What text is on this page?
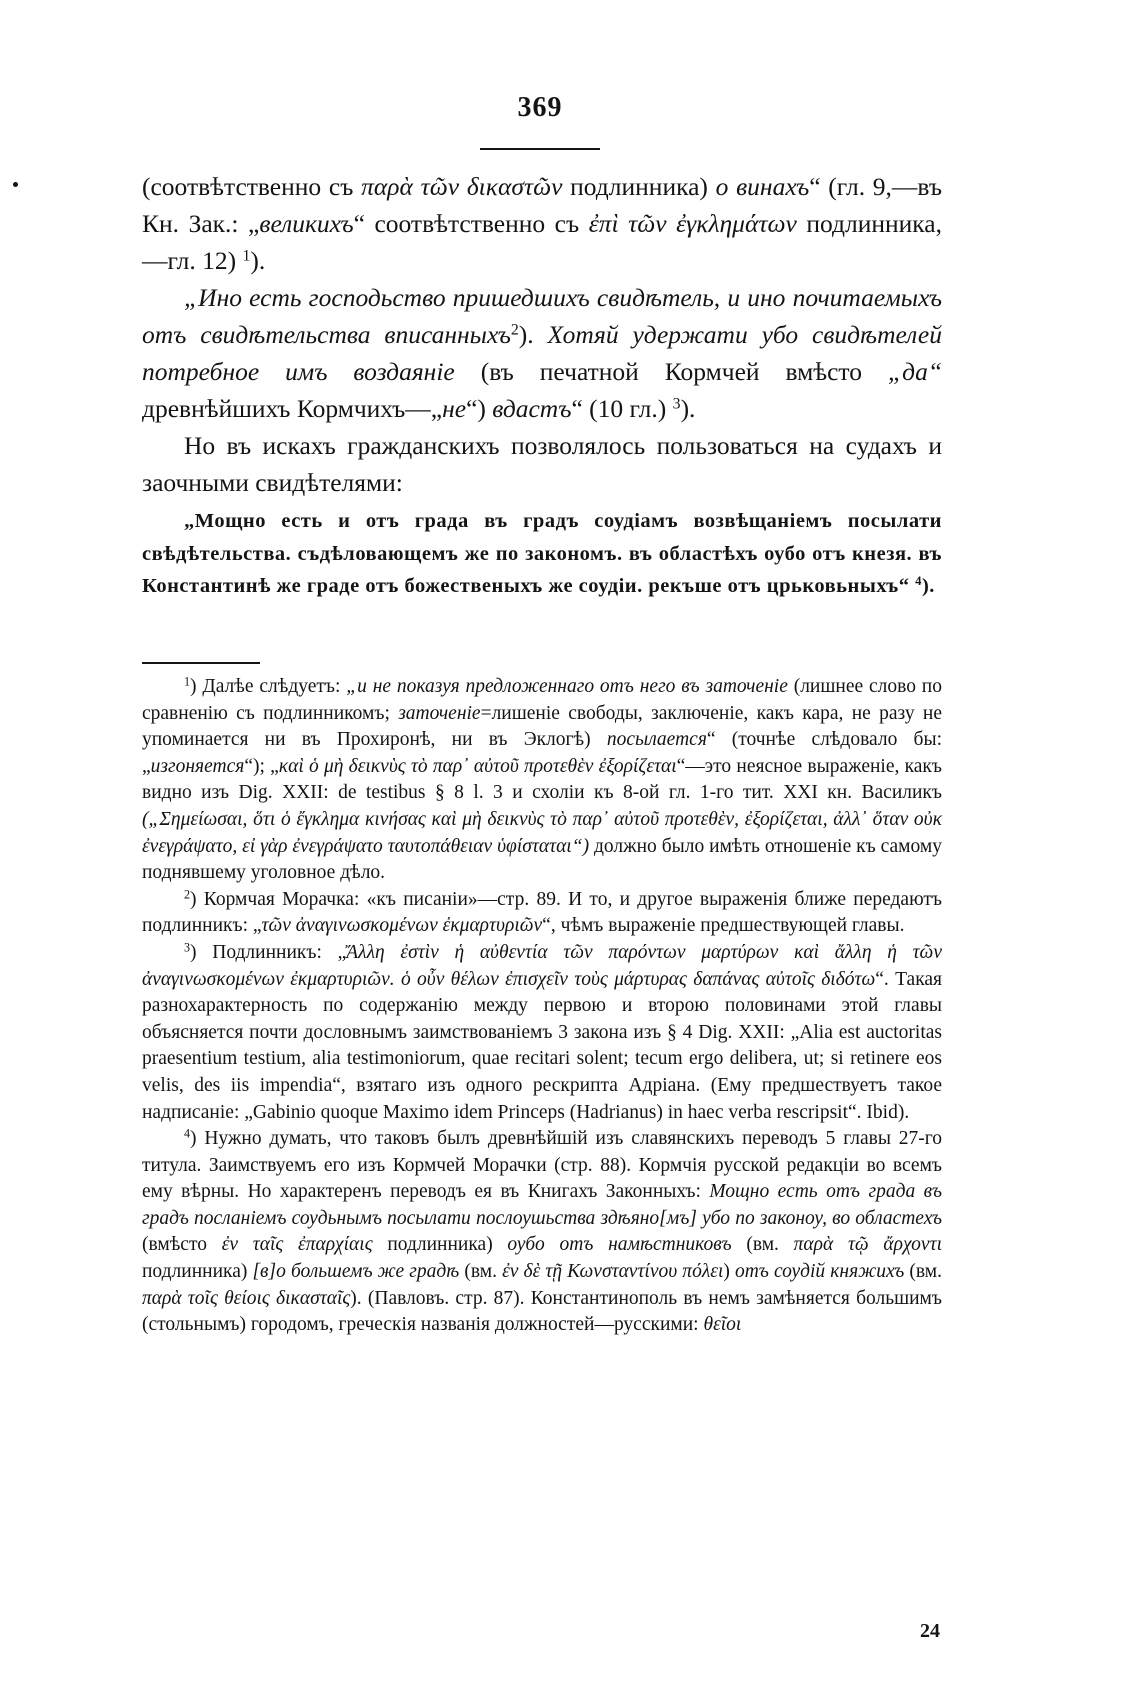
369

(соотвѣтственно съ παρὰ τῶν δικαστῶν подлинника) о винахъ“ (гл. 9,—въ Кн. Зак.: „великихъ“ соотвѣтственно съ ἐπὶ τῶν ἐγκλημάτων подлинника,—гл. 12) $^1$).

„Ино есть господьство пришедшихъ свидѣтель, и ино почитаемыхъ отъ свидѣтельства вписанныхъ$^2$). Хотяй удержати убо свидѣтелей потребное имъ воздаяніе (въ печатной Кормчей вмѣсто „да“ древнѣйшихъ Кормчихъ—„не“) вдастъ“ (10 гл.) $^3$).

Но въ искахъ гражданскихъ позволялось пользоваться на судахъ и заочными свидѣтелями:

„Мощно есть и отъ града въ градъ соудіамъ возвѣщаніемъ посылати свѣдѣтельства. съдѣловающемъ же по закономъ. въ областѣхъ оубо отъ кнезя. въ Константинѣ же граде отъ божественыхъ же соудіи. рекъше отъ црьковьныхъ“ $^4$).

$^1$) Далѣе слѣдуетъ: „и не показуя предложеннаго отъ него въ заточеніе (лишнее слово по сравненію съ подлинникомъ; заточеніе=лишеніе свободы, заключеніе, какъ кара, не разу не упоминается ни въ Прохиронѣ, ни въ Эклогѣ) посылается“ (точнѣе слѣдовало бы: „изгоняется“); „καὶ ὁ μὴ δεικνὺς τὸ παρ᾿ αὐτοῦ προτεθὲν ἐξορίζεται“—это неясное выраженіе, какъ видно изъ Dig. XXII: de testibus § 8 l. 3 и схоліи къ 8-ой гл. 1-го тит. XXI кн. Василикъ („Σημείωσαι, ὅτι ὁ ἔγκλημα κινήσας καὶ μὴ δεικνὺς τὸ παρ᾿ αὐτοῦ προτεθὲν, ἐξορίζεται, ἀλλ᾿ ὅταν οὐκ ἐνεγράψατο, εἰ γὰρ ἐνεγράψατο ταυτοπάθειαν ὑφίσταται“) должно было имѣть отношеніе къ самому поднявшему уголовное дѣло.

$^2$) Кормчая Морачка: «къ писаніи»—стр. 89. И то, и другое выраженія ближе передаютъ подлинникъ: „τῶν ἀναγινωσκομένων ἐκμαρτυριῶν“, чѣмъ выраженіе предшествующей главы.

$^3$) Подлинникъ: „Ἄλλη ἐστὶν ἡ αὐθεντία τῶν παρόντων μαρτύρων καὶ ἄλλη ἡ τῶν ἀναγινωσκομένων ἐκμαρτυριῶν. ὁ οὖν θέλων ἐπισχεῖν τοὺς μάρτυρας δαπάνας αὐτοῖς διδότω“. Такая разнохарактерность по содержанію между первою и второю половинами этой главы объясняется почти дословнымъ заимствованіемъ 3 закона изъ § 4 Dig. XXII: „Alia est auctoritas praesentium testium, alia testimoniorum, quae recitari solent; tecum ergo delibera, ut; si retinere eos velis, des iis impendia“, взятаго изъ одного рескрипта Адріана. (Ему предшествуетъ такое надписаніе: „Gabinio quoque Maximo idem Princeps (Hadrianus) in haec verba rescripsit“. Ibid).

$^4$) Нужно думать, что таковъ былъ древнѣйшій изъ славянскихъ переводъ 5 главы 27-го титула. Заимствуемъ его изъ Кормчей Морачки (стр. 88). Кормчія русской редакціи во всемъ ему вѣрны. Но характеренъ переводъ ея въ Книгахъ Законныхъ: Мощно есть отъ града въ градъ посланіемъ соудьнымъ посылати послоушьства здѣяно[мъ] убо по законоу, во областехъ (вмѣсто ἐν ταῖς ἐπαρχίαις подлинника) оубо отъ намѣстниковъ (вм. παρὰ τῷ ἄρχοντι подлинника) [в]о большемъ же градѣ (вм. ἐν δὲ τῇ Κωνσταντίνου πόλει) отъ соудій княжихъ (вм. παρὰ τοῖς θείοις δικασταῖς). (Павловъ. стр. 87). Константинополь въ немъ замѣняется большимъ (стольнымъ) городомъ, греческія названія должностей—русскими: θεῖοι

24
